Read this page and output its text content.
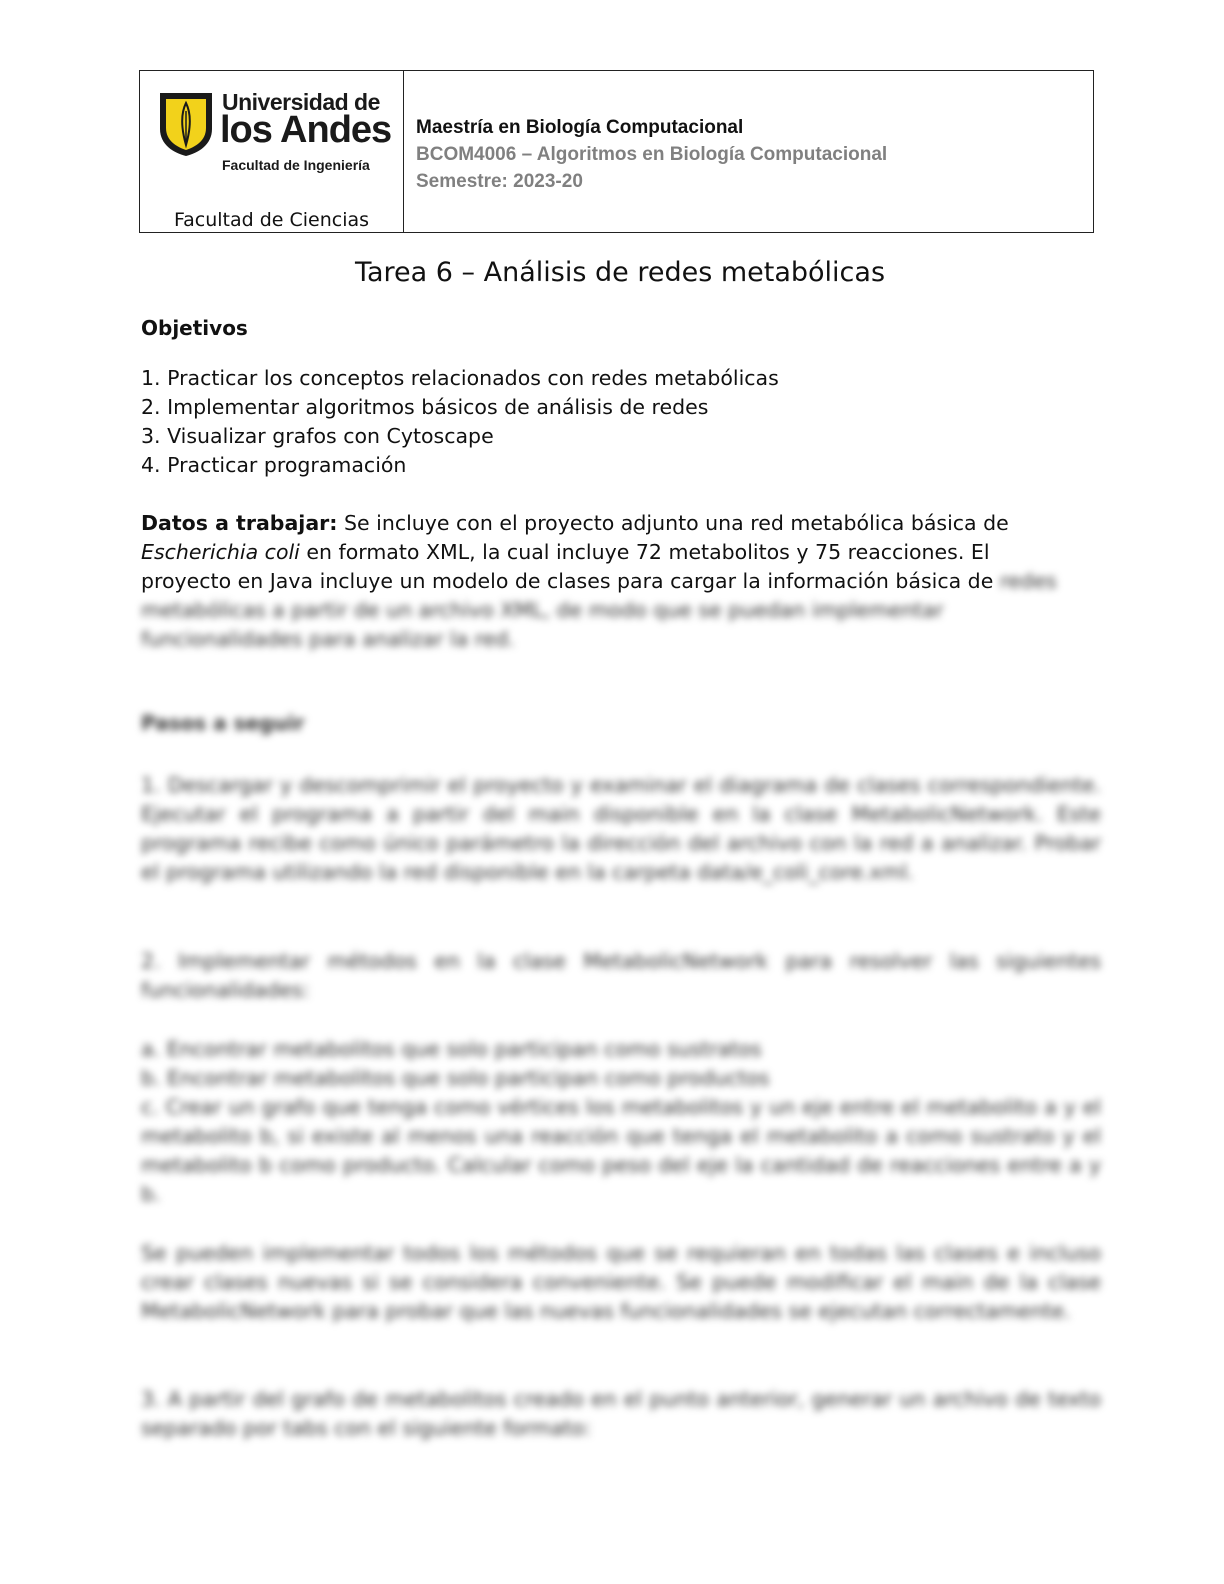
Universidad de
los Andes
Facultad de Ingeniería
Facultad de Ciencias
Maestría en Biología Computacional
BCOM4006 – Algoritmos en Biología Computacional
Semestre: 2023-20
Tarea 6 – Análisis de redes metabólicas
Objetivos
1. Practicar los conceptos relacionados con redes metabólicas
2. Implementar algoritmos básicos de análisis de redes
3. Visualizar grafos con Cytoscape
4. Practicar programación

Datos a trabajar: Se incluye con el proyecto adjunto una red metabólica básica de Escherichia coli en formato XML, la cual incluye 72 metabolitos y 75 reacciones. El proyecto en Java incluye un modelo de clases para cargar la información básica de redes metabólicas a partir de un archivo XML, de modo que se puedan implementar funcionalidades para analizar la red.

Pasos a seguir

1. Descargar y descomprimir el proyecto y examinar el diagrama de clases correspondiente. Ejecutar el programa a partir del main disponible en la clase MetabolicNetwork. Este programa recibe como único parámetro la dirección del archivo con la red a analizar. Probar el programa utilizando la red disponible en la carpeta data/e_coli_core.xml.

2. Implementar métodos en la clase MetabolicNetwork para resolver las siguientes funcionalidades:

a. Encontrar metabolitos que solo participan como sustratos
b. Encontrar metabolitos que solo participan como productos
c. Crear un grafo que tenga como vértices los metabolitos y un eje entre el metabolito a y el metabolito b, si existe al menos una reacción que tenga el metabolito a como sustrato y el metabolito b como producto. Calcular como peso del eje la cantidad de reacciones entre a y b.

Se pueden implementar todos los métodos que se requieran en todas las clases e incluso crear clases nuevas si se considera conveniente. Se puede modificar el main de la clase MetabolicNetwork para probar que las nuevas funcionalidades se ejecutan correctamente.

3. A partir del grafo de metabolitos creado en el punto anterior, generar un archivo de texto separado por tabs con el siguiente formato:
